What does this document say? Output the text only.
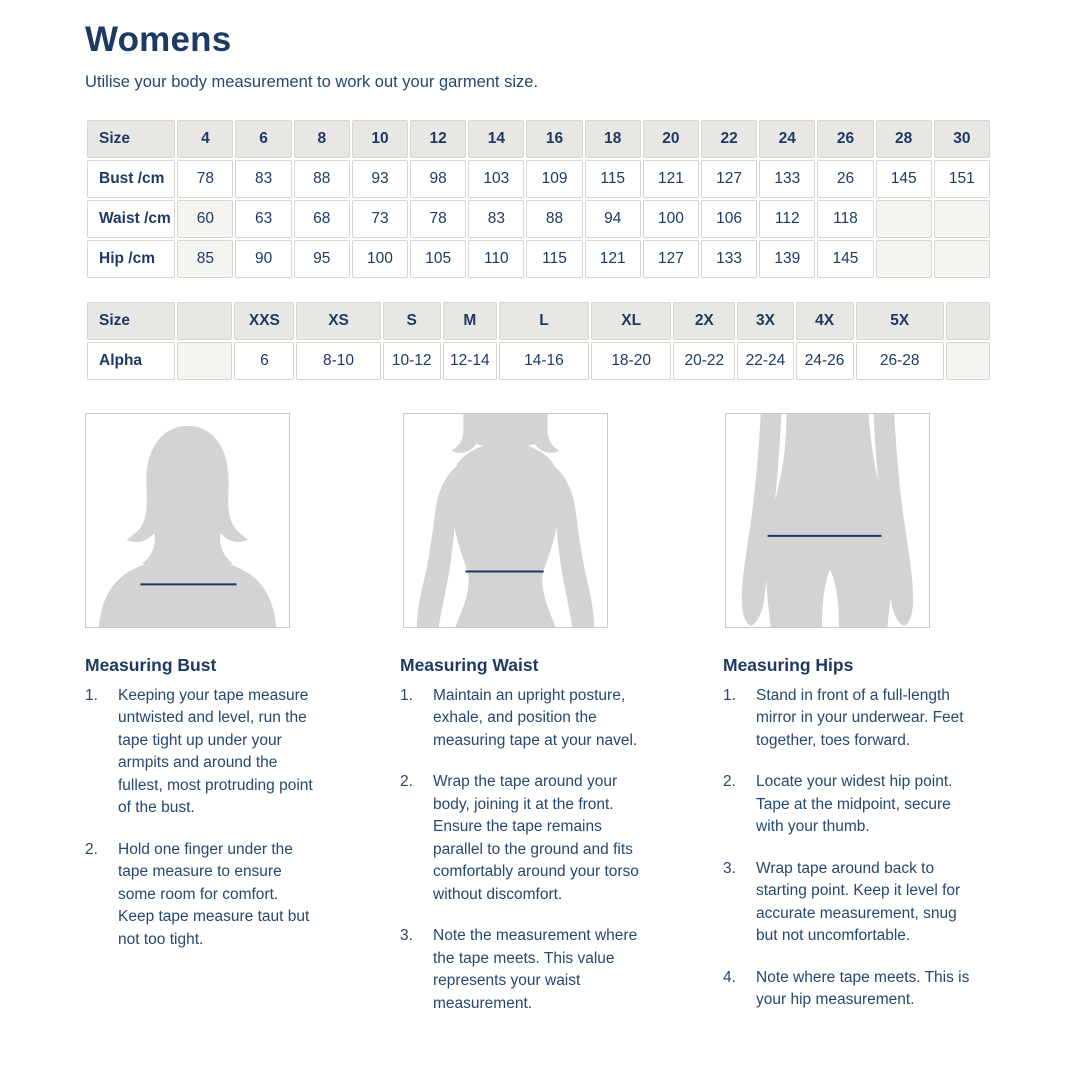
Womens

Utilise your body measurement to work out your garment size.

Size	4	6	8	10	12	14	16	18	20	22	24	26	28	30
Bust /cm	78	83	88	93	98	103	109	115	121	127	133	26	145	151
Waist /cm	60	63	68	73	78	83	88	94	100	106	112	118		
Hip /cm	85	90	95	100	105	110	115	121	127	133	139	145		
Size		XXS	XS	S	M	L	XL	2X	3X	4X	5X	
Alpha		6	8-10	10-12	12-14	14-16	18-20	20-22	22-24	24-26	26-28	
Measuring Bust
1.	Keeping your tape measure untwisted and level, run the tape tight up under your armpits and around the fullest, most protruding point of the bust.
2.	Hold one finger under the tape measure to ensure some room for comfort. Keep tape measure taut but not too tight.
Measuring Waist
1.	Maintain an upright posture, exhale, and position the measuring tape at your navel.
2.	Wrap the tape around your body, joining it at the front. Ensure the tape remains parallel to the ground and fits comfortably around your torso without discomfort.
3.	Note the measurement where the tape meets. This value represents your waist measurement.
Measuring Hips
1.	Stand in front of a full-length mirror in your underwear. Feet together, toes forward.
2.	Locate your widest hip point. Tape at the midpoint, secure with your thumb.
3.	Wrap tape around back to starting point. Keep it level for accurate measurement, snug but not uncomfortable.
4.	Note where tape meets. This is your hip measurement.
